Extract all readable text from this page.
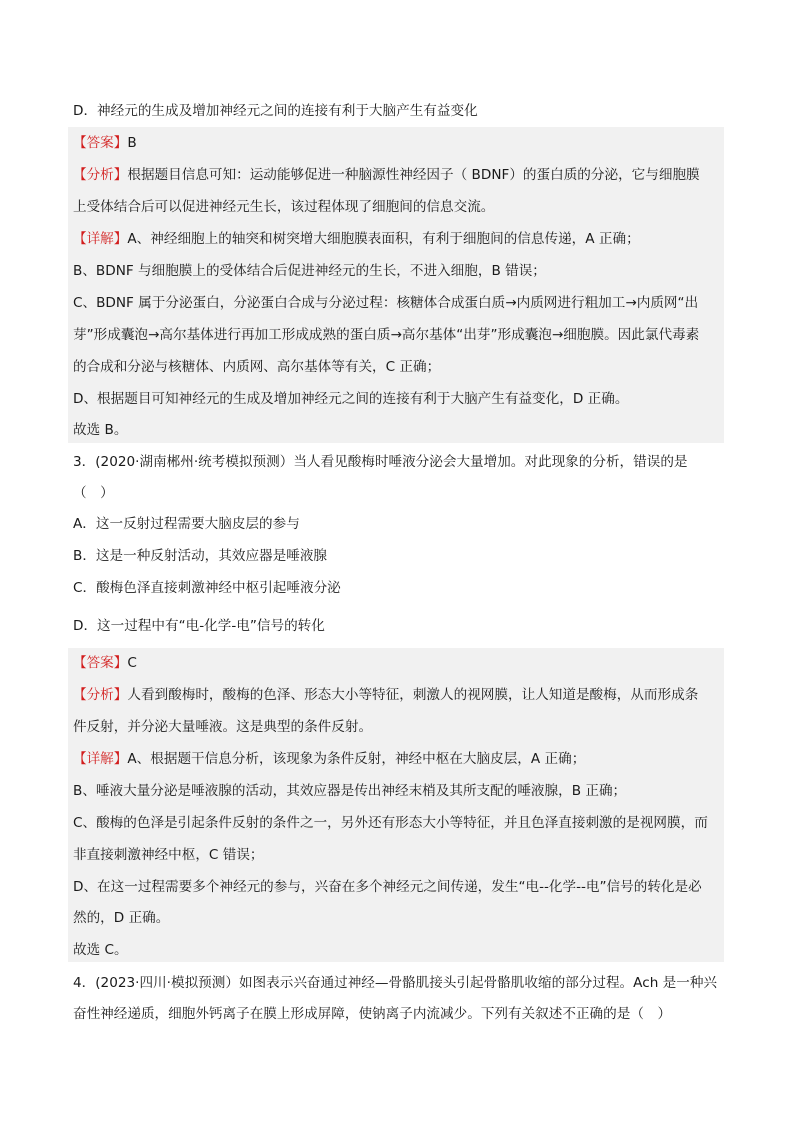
D．神经元的生成及增加神经元之间的连接有利于大脑产生有益变化
【答案】B
【分析】根据题目信息可知：运动能够促进一种脑源性神经因子（ BDNF）的蛋白质的分泌，它与细胞膜
上受体结合后可以促进神经元生长，该过程体现了细胞间的信息交流。
【详解】A、神经细胞上的轴突和树突增大细胞膜表面积，有利于细胞间的信息传递，A 正确；
B、BDNF 与细胞膜上的受体结合后促进神经元的生长，不进入细胞，B 错误；
C、BDNF 属于分泌蛋白，分泌蛋白合成与分泌过程：核糖体合成蛋白质→内质网进行粗加工→内质网“出
芽”形成囊泡→高尔基体进行再加工形成成熟的蛋白质→高尔基体“出芽”形成囊泡→细胞膜。因此氯代毒素
的合成和分泌与核糖体、内质网、高尔基体等有关，C 正确；
D、根据题目可知神经元的生成及增加神经元之间的连接有利于大脑产生有益变化，D 正确。
故选 B。
3．(2020·湖南郴州·统考模拟预测）当人看见酸梅时唾液分泌会大量增加。对此现象的分析，错误的是
（　）
A．这一反射过程需要大脑皮层的参与
B．这是一种反射活动，其效应器是唾液腺
C．酸梅色泽直接刺激神经中枢引起唾液分泌
D．这一过程中有“电-化学-电”信号的转化
【答案】C
【分析】人看到酸梅时，酸梅的色泽、形态大小等特征，刺激人的视网膜，让人知道是酸梅，从而形成条
件反射，并分泌大量唾液。这是典型的条件反射。
【详解】A、根据题干信息分析，该现象为条件反射，神经中枢在大脑皮层，A 正确；
B、唾液大量分泌是唾液腺的活动，其效应器是传出神经末梢及其所支配的唾液腺，B 正确；
C、酸梅的色泽是引起条件反射的条件之一，另外还有形态大小等特征，并且色泽直接刺激的是视网膜，而
非直接刺激神经中枢，C 错误；
D、在这一过程需要多个神经元的参与，兴奋在多个神经元之间传递，发生“电--化学--电”信号的转化是必
然的，D 正确。
故选 C。
4．(2023·四川·模拟预测）如图表示兴奋通过神经—骨骼肌接头引起骨骼肌收缩的部分过程。Ach 是一种兴
奋性神经递质，细胞外钙离子在膜上形成屏障，使钠离子内流减少。下列有关叙述不正确的是（　）
